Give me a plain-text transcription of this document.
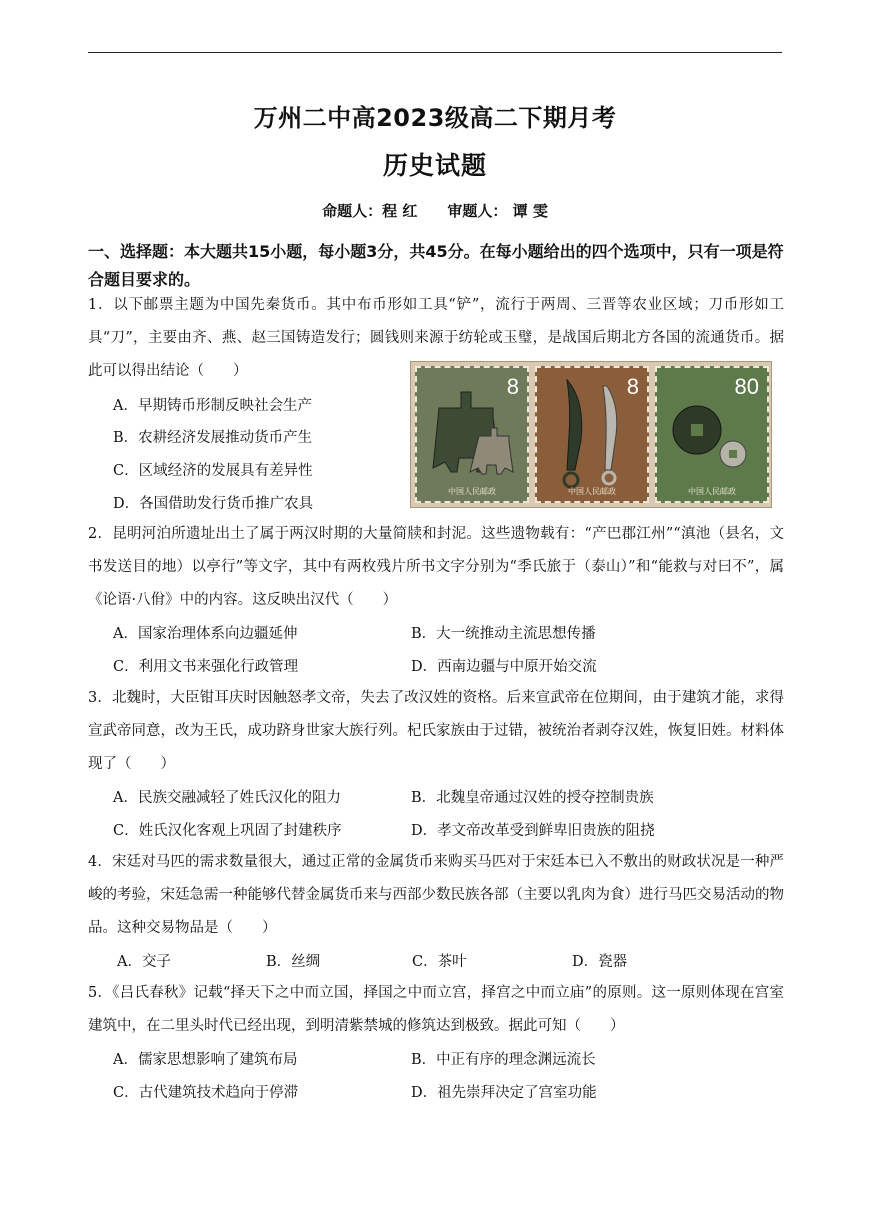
万州二中高2023级高二下期月考
历史试题
命题人：程 红 审题人： 谭 雯
一、选择题：本大题共15小题，每小题3分，共45分。在每小题给出的四个选项中，只有一项是符合题目要求的。
1．以下邮票主题为中国先秦货币。其中布币形如工具“铲”，流行于两周、三晋等农业区域；刀币形如工具“刀”，主要由齐、燕、赵三国铸造发行；圆钱则来源于纺轮或玉璧，是战国后期北方各国的流通货币。据此可以得出结论（　　）
A．早期铸币形制反映社会生产
B．农耕经济发展推动货币产生
C．区域经济的发展具有差异性
D．各国借助发行货币推广农具
8
中国人民邮政
8
中国人民邮政
80
中国人民邮政
2．昆明河泊所遗址出土了属于两汉时期的大量简牍和封泥。这些遗物载有：“产巴郡江州”“滇池（县名，文书发送目的地）以亭行”等文字，其中有两枚残片所书文字分别为“季氏旅于（泰山）”和“能救与对曰不”，属《论语·八佾》中的内容。这反映出汉代（　　）
A．国家治理体系向边疆延伸	B．大一统推动主流思想传播
C．利用文书来强化行政管理	D．西南边疆与中原开始交流
3．北魏时，大臣钳耳庆时因触怒孝文帝，失去了改汉姓的资格。后来宣武帝在位期间，由于建筑才能，求得宣武帝同意，改为王氏，成功跻身世家大族行列。杞氏家族由于过错，被统治者剥夺汉姓，恢复旧姓。材料体现了（　　）
A．民族交融减轻了姓氏汉化的阻力	B．北魏皇帝通过汉姓的授夺控制贵族
C．姓氏汉化客观上巩固了封建秩序	D．孝文帝改革受到鲜卑旧贵族的阻挠
4．宋廷对马匹的需求数量很大，通过正常的金属货币来购买马匹对于宋廷本已入不敷出的财政状况是一种严峻的考验，宋廷急需一种能够代替金属货币来与西部少数民族各部（主要以乳肉为食）进行马匹交易活动的物品。这种交易物品是（　　）
A．交子	B．丝绸	C．茶叶	D．瓷器
5．《吕氏春秋》记载“择天下之中而立国，择国之中而立宫，择宫之中而立庙”的原则。这一原则体现在宫室建筑中，在二里头时代已经出现，到明清紫禁城的修筑达到极致。据此可知（　　）
A．儒家思想影响了建筑布局	B．中正有序的理念渊远流长
C．古代建筑技术趋向于停滞	D．祖先崇拜决定了宫室功能
